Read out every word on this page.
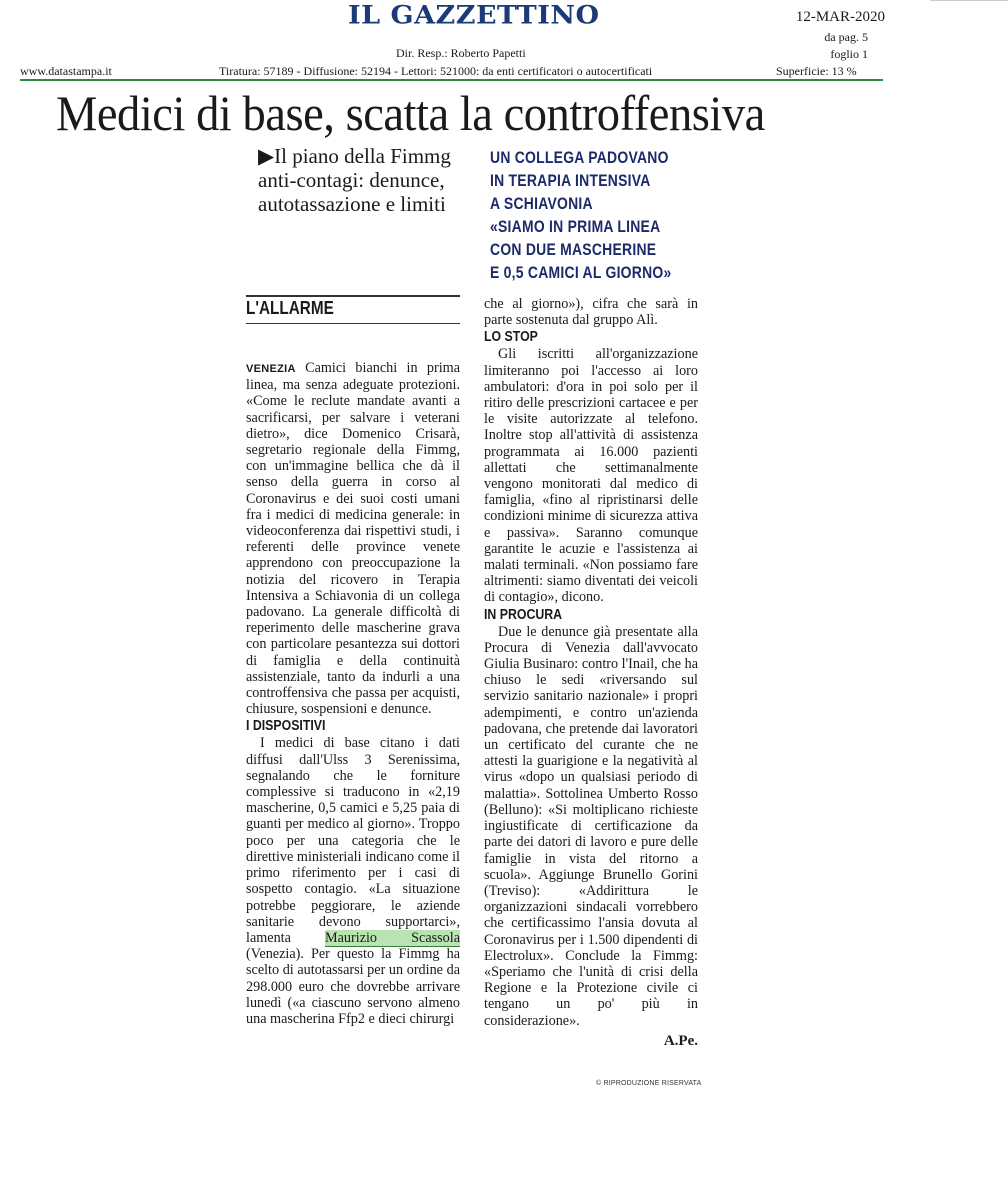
IL GAZZETTINO	12-MAR-2020
da pag. 5
foglio 1
Dir. Resp.: Roberto Papetti
www.datastampa.it	Tiratura: 57189 - Diffusione: 52194 - Lettori: 521000: da enti certificatori o autocertificati	Superficie: 13 %
Medici di base, scatta la controffensiva
▶Il piano della Fimmg
anti-contagi: denunce,
autotassazione e limiti
UN COLLEGA PADOVANO
IN TERAPIA INTENSIVA
A SCHIAVONIA
«SIAMO IN PRIMA LINEA
CON DUE MASCHERINE
E 0,5 CAMICI AL GIORNO»
L'ALLARME

VENEZIA Camici bianchi in prima linea, ma senza adeguate protezioni. «Come le reclute mandate avanti a sacrificarsi, per salvare i veterani dietro», dice Domenico Crisarà, segretario regionale della Fimmg, con un'immagine bellica che dà il senso della guerra in corso al Coronavirus e dei suoi costi umani fra i medici di medicina generale: in videoconferenza dai rispettivi studi, i referenti delle province venete apprendono con preoccupazione la notizia del ricovero in Terapia Intensiva a Schiavonia di un collega padovano. La generale difficoltà di reperimento delle mascherine grava con particolare pesantezza sui dottori di famiglia e della continuità assistenziale, tanto da indurli a una controffensiva che passa per acquisti, chiusure, sospensioni e denunce.

I DISPOSITIVI

I medici di base citano i dati diffusi dall'Ulss 3 Serenissima, segnalando che le forniture complessive si traducono in «2,19 mascherine, 0,5 camici e 5,25 paia di guanti per medico al giorno». Troppo poco per una categoria che le direttive ministeriali indicano come il primo riferimento per i casi di sospetto contagio. «La situazione potrebbe peggiorare, le aziende sanitarie devono supportarci», lamenta Maurizio Scassola (Venezia). Per questo la Fimmg ha scelto di autotassarsi per un ordine da 298.000 euro che dovrebbe arrivare lunedì («a ciascuno servono almeno una mascherina Ffp2 e dieci chirurgi

che al giorno»), cifra che sarà in parte sostenuta dal gruppo Alì.

LO STOP

Gli iscritti all'organizzazione limiteranno poi l'accesso ai loro ambulatori: d'ora in poi solo per il ritiro delle prescrizioni cartacee e per le visite autorizzate al telefono. Inoltre stop all'attività di assistenza programmata ai 16.000 pazienti allettati che settimanalmente vengono monitorati dal medico di famiglia, «fino al ripristinarsi delle condizioni minime di sicurezza attiva e passiva». Saranno comunque garantite le acuzie e l'assistenza ai malati terminali. «Non possiamo fare altrimenti: siamo diventati dei veicoli di contagio», dicono.

IN PROCURA

Due le denunce già presentate alla Procura di Venezia dall'avvocato Giulia Businaro: contro l'Inail, che ha chiuso le sedi «riversando sul servizio sanitario nazionale» i propri adempimenti, e contro un'azienda padovana, che pretende dai lavoratori un certificato del curante che ne attesti la guarigione e la negatività al virus «dopo un qualsiasi periodo di malattia». Sottolinea Umberto Rosso (Belluno): «Si moltiplicano richieste ingiustificate di certificazione da parte dei datori di lavoro e pure delle famiglie in vista del ritorno a scuola». Aggiunge Brunello Gorini (Treviso): «Addirittura le organizzazioni sindacali vorrebbero che certificassimo l'ansia dovuta al Coronavirus per i 1.500 dipendenti di Electrolux». Conclude la Fimmg: «Speriamo che l'unità di crisi della Regione e la Protezione civile ci tengano un po' più in considerazione».

A.Pe.
© RIPRODUZIONE RISERVATA
